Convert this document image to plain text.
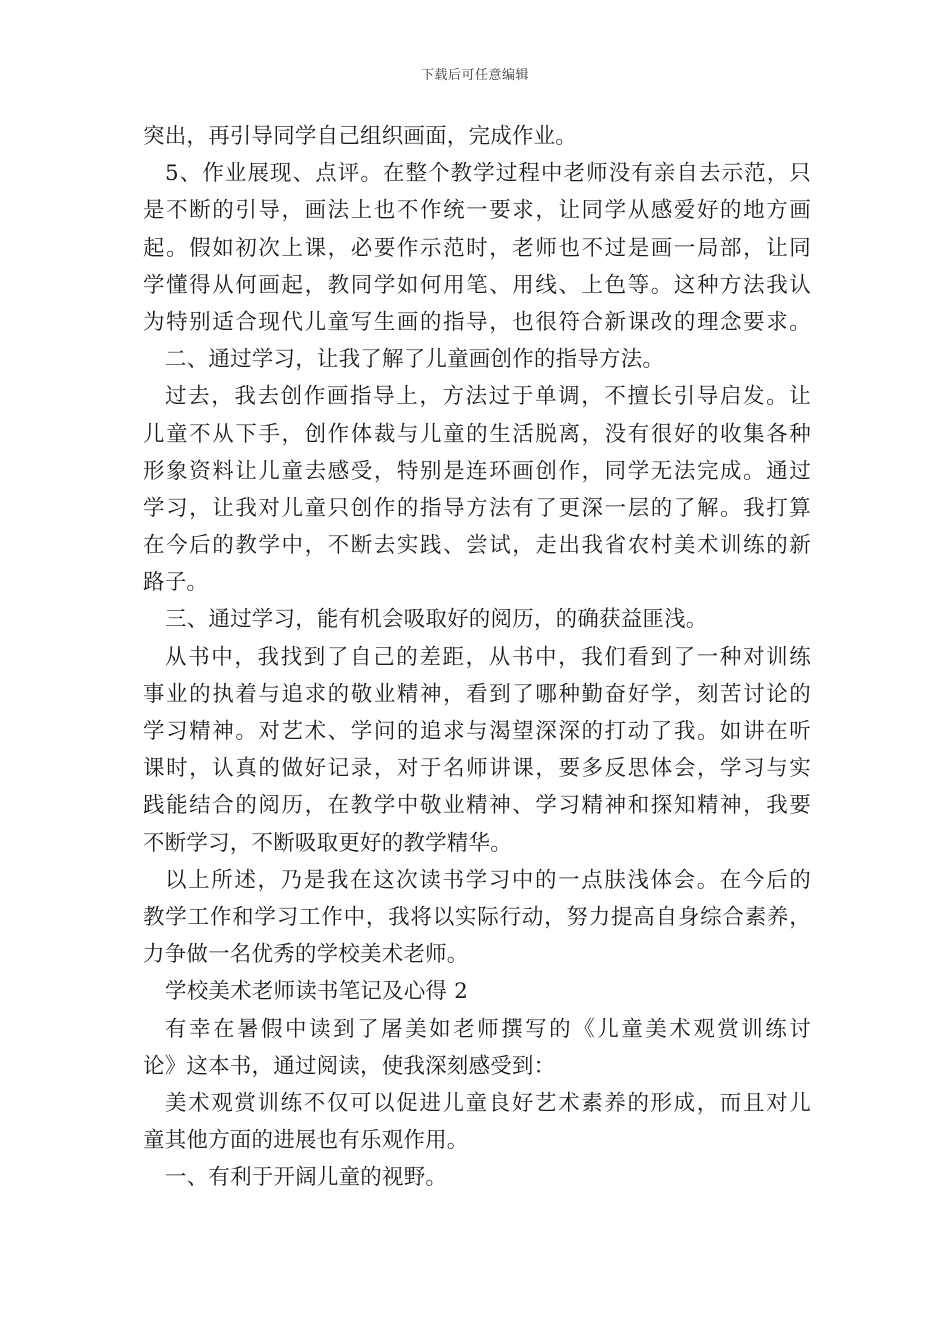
下载后可任意编辑
突出，再引导同学自己组织画面，完成作业。
5、作业展现、点评。在整个教学过程中老师没有亲自去示范，只
是不断的引导，画法上也不作统一要求，让同学从感爱好的地方画
起。假如初次上课，必要作示范时，老师也不过是画一局部，让同
学懂得从何画起，教同学如何用笔、用线、上色等。这种方法我认
为特别适合现代儿童写生画的指导，也很符合新课改的理念要求。
二、通过学习，让我了解了儿童画创作的指导方法。
过去，我去创作画指导上，方法过于单调，不擅长引导启发。让
儿童不从下手，创作体裁与儿童的生活脱离，没有很好的收集各种
形象资料让儿童去感受，特别是连环画创作，同学无法完成。通过
学习，让我对儿童只创作的指导方法有了更深一层的了解。我打算
在今后的教学中，不断去实践、尝试，走出我省农村美术训练的新
路子。
三、通过学习，能有机会吸取好的阅历，的确获益匪浅。
从书中，我找到了自己的差距，从书中，我们看到了一种对训练
事业的执着与追求的敬业精神，看到了哪种勤奋好学，刻苦讨论的
学习精神。对艺术、学问的追求与渴望深深的打动了我。如讲在听
课时，认真的做好记录，对于名师讲课，要多反思体会，学习与实
践能结合的阅历，在教学中敬业精神、学习精神和探知精神，我要
不断学习，不断吸取更好的教学精华。
以上所述，乃是我在这次读书学习中的一点肤浅体会。在今后的
教学工作和学习工作中，我将以实际行动，努力提高自身综合素养，
力争做一名优秀的学校美术老师。
学校美术老师读书笔记及心得 2
有幸在暑假中读到了屠美如老师撰写的《儿童美术观赏训练讨
论》这本书，通过阅读，使我深刻感受到：
美术观赏训练不仅可以促进儿童良好艺术素养的形成，而且对儿
童其他方面的进展也有乐观作用。
一、有利于开阔儿童的视野。
